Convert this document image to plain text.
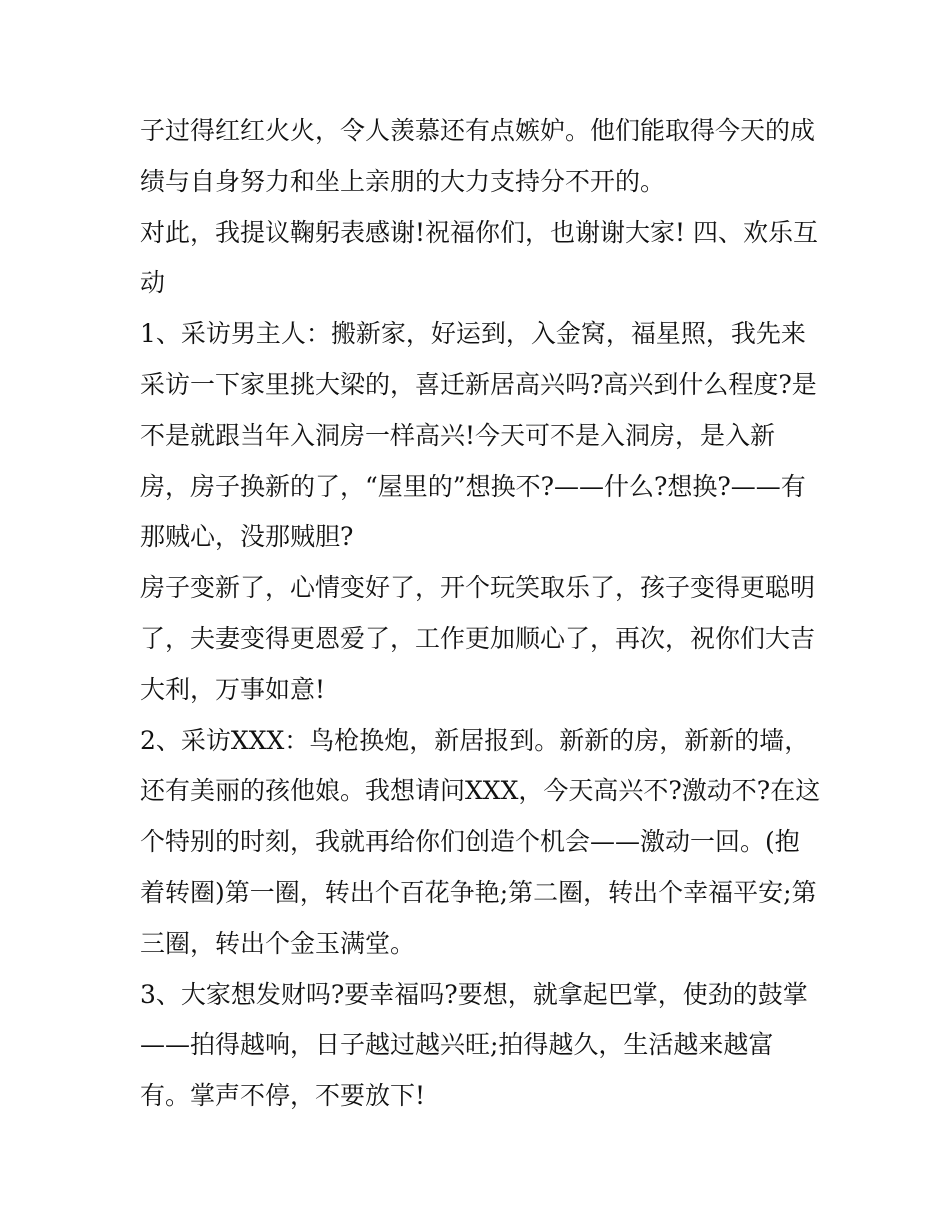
子过得红红火火，令人羡慕还有点嫉妒。他们能取得今天的成
绩与自身努力和坐上亲朋的大力支持分不开的。
对此，我提议鞠躬表感谢!祝福你们，也谢谢大家! 四、欢乐互
动
1、采访男主人：搬新家，好运到，入金窝，福星照，我先来
采访一下家里挑大梁的，喜迁新居高兴吗?高兴到什么程度?是
不是就跟当年入洞房一样高兴!今天可不是入洞房，是入新
房，房子换新的了，“屋里的”想换不?——什么?想换?——有
那贼心，没那贼胆?
房子变新了，心情变好了，开个玩笑取乐了，孩子变得更聪明
了，夫妻变得更恩爱了，工作更加顺心了，再次，祝你们大吉
大利，万事如意!
2、采访XXX：鸟枪换炮，新居报到。新新的房，新新的墙，
还有美丽的孩他娘。我想请问XXX，今天高兴不?激动不?在这
个特别的时刻，我就再给你们创造个机会——激动一回。(抱
着转圈)第一圈，转出个百花争艳;第二圈，转出个幸福平安;第
三圈，转出个金玉满堂。
3、大家想发财吗?要幸福吗?要想，就拿起巴掌，使劲的鼓掌
——拍得越响，日子越过越兴旺;拍得越久，生活越来越富
有。掌声不停，不要放下!
